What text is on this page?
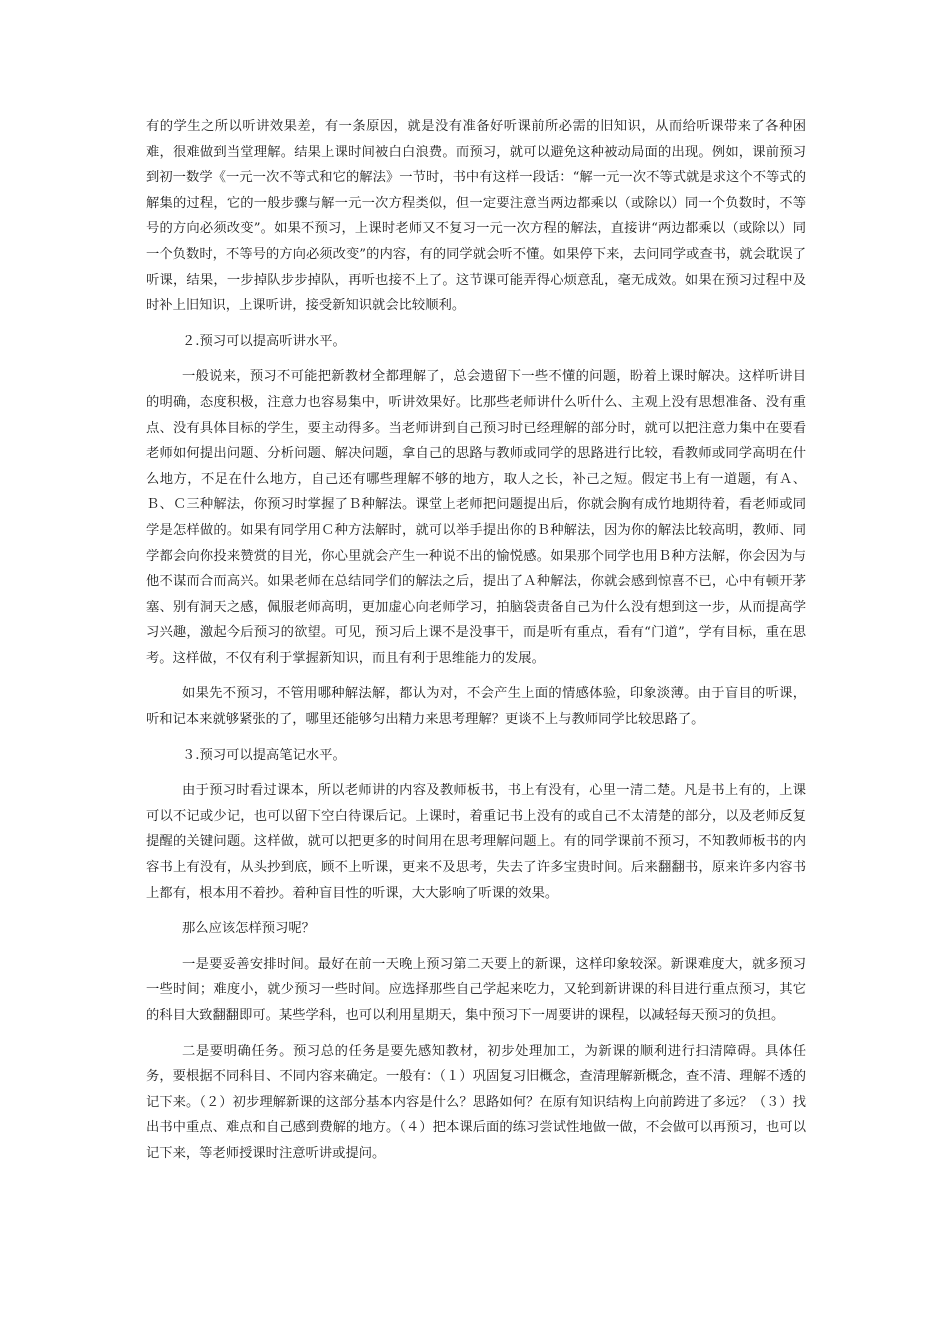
有的学生之所以听讲效果差，有一条原因，就是没有准备好听课前所必需的旧知识，从而给听课带来了各种困难，很难做到当堂理解。结果上课时间被白白浪费。而预习，就可以避免这种被动局面的出现。例如，课前预习到初一数学《一元一次不等式和它的解法》一节时，书中有这样一段话：“解一元一次不等式就是求这个不等式的解集的过程，它的一般步骤与解一元一次方程类似，但一定要注意当两边都乘以（或除以）同一个负数时，不等号的方向必须改变”。如果不预习，上课时老师又不复习一元一次方程的解法，直接讲“两边都乘以（或除以）同一个负数时，不等号的方向必须改变”的内容，有的同学就会听不懂。如果停下来，去问同学或查书，就会耽误了听课，结果，一步掉队步步掉队，再听也接不上了。这节课可能弄得心烦意乱，毫无成效。如果在预习过程中及时补上旧知识，上课听讲，接受新知识就会比较顺利。

２.预习可以提高听讲水平。

一般说来，预习不可能把新教材全都理解了，总会遗留下一些不懂的问题，盼着上课时解决。这样听讲目的明确，态度积极，注意力也容易集中，听讲效果好。比那些老师讲什么听什么、主观上没有思想准备、没有重点、没有具体目标的学生，要主动得多。当老师讲到自己预习时已经理解的部分时，就可以把注意力集中在要看老师如何提出问题、分析问题、解决问题，拿自己的思路与教师或同学的思路进行比较，看教师或同学高明在什么地方，不足在什么地方，自己还有哪些理解不够的地方，取人之长，补己之短。假定书上有一道题，有Ａ、Ｂ、Ｃ三种解法，你预习时掌握了Ｂ种解法。课堂上老师把问题提出后，你就会胸有成竹地期待着，看老师或同学是怎样做的。如果有同学用Ｃ种方法解时，就可以举手提出你的Ｂ种解法，因为你的解法比较高明，教师、同学都会向你投来赞赏的目光，你心里就会产生一种说不出的愉悦感。如果那个同学也用Ｂ种方法解，你会因为与他不谋而合而高兴。如果老师在总结同学们的解法之后，提出了Ａ种解法，你就会感到惊喜不已，心中有顿开茅塞、别有洞天之感，佩服老师高明，更加虚心向老师学习，拍脑袋责备自己为什么没有想到这一步，从而提高学习兴趣，激起今后预习的欲望。可见，预习后上课不是没事干，而是听有重点，看有“门道”，学有目标，重在思考。这样做，不仅有利于掌握新知识，而且有利于思维能力的发展。

如果先不预习，不管用哪种解法解，都认为对，不会产生上面的情感体验，印象淡薄。由于盲目的听课，听和记本来就够紧张的了，哪里还能够匀出精力来思考理解？更谈不上与教师同学比较思路了。

３.预习可以提高笔记水平。

由于预习时看过课本，所以老师讲的内容及教师板书，书上有没有，心里一清二楚。凡是书上有的，上课可以不记或少记，也可以留下空白待课后记。上课时，着重记书上没有的或自己不太清楚的部分，以及老师反复提醒的关键问题。这样做，就可以把更多的时间用在思考理解问题上。有的同学课前不预习，不知教师板书的内容书上有没有，从头抄到底，顾不上听课，更来不及思考，失去了许多宝贵时间。后来翻翻书，原来许多内容书上都有，根本用不着抄。着种盲目性的听课，大大影响了听课的效果。

那么应该怎样预习呢？

一是要妥善安排时间。最好在前一天晚上预习第二天要上的新课，这样印象较深。新课难度大，就多预习一些时间；难度小，就少预习一些时间。应选择那些自己学起来吃力，又轮到新讲课的科目进行重点预习，其它的科目大致翻翻即可。某些学科，也可以利用星期天，集中预习下一周要讲的课程，以减轻每天预习的负担。

二是要明确任务。预习总的任务是要先感知教材，初步处理加工，为新课的顺利进行扫清障碍。具体任务，要根据不同科目、不同内容来确定。一般有：（１）巩固复习旧概念，查清理解新概念，查不清、理解不透的记下来。（２）初步理解新课的这部分基本内容是什么？思路如何？在原有知识结构上向前跨进了多远？（３）找出书中重点、难点和自己感到费解的地方。（４）把本课后面的练习尝试性地做一做，不会做可以再预习，也可以记下来，等老师授课时注意听讲或提问。
